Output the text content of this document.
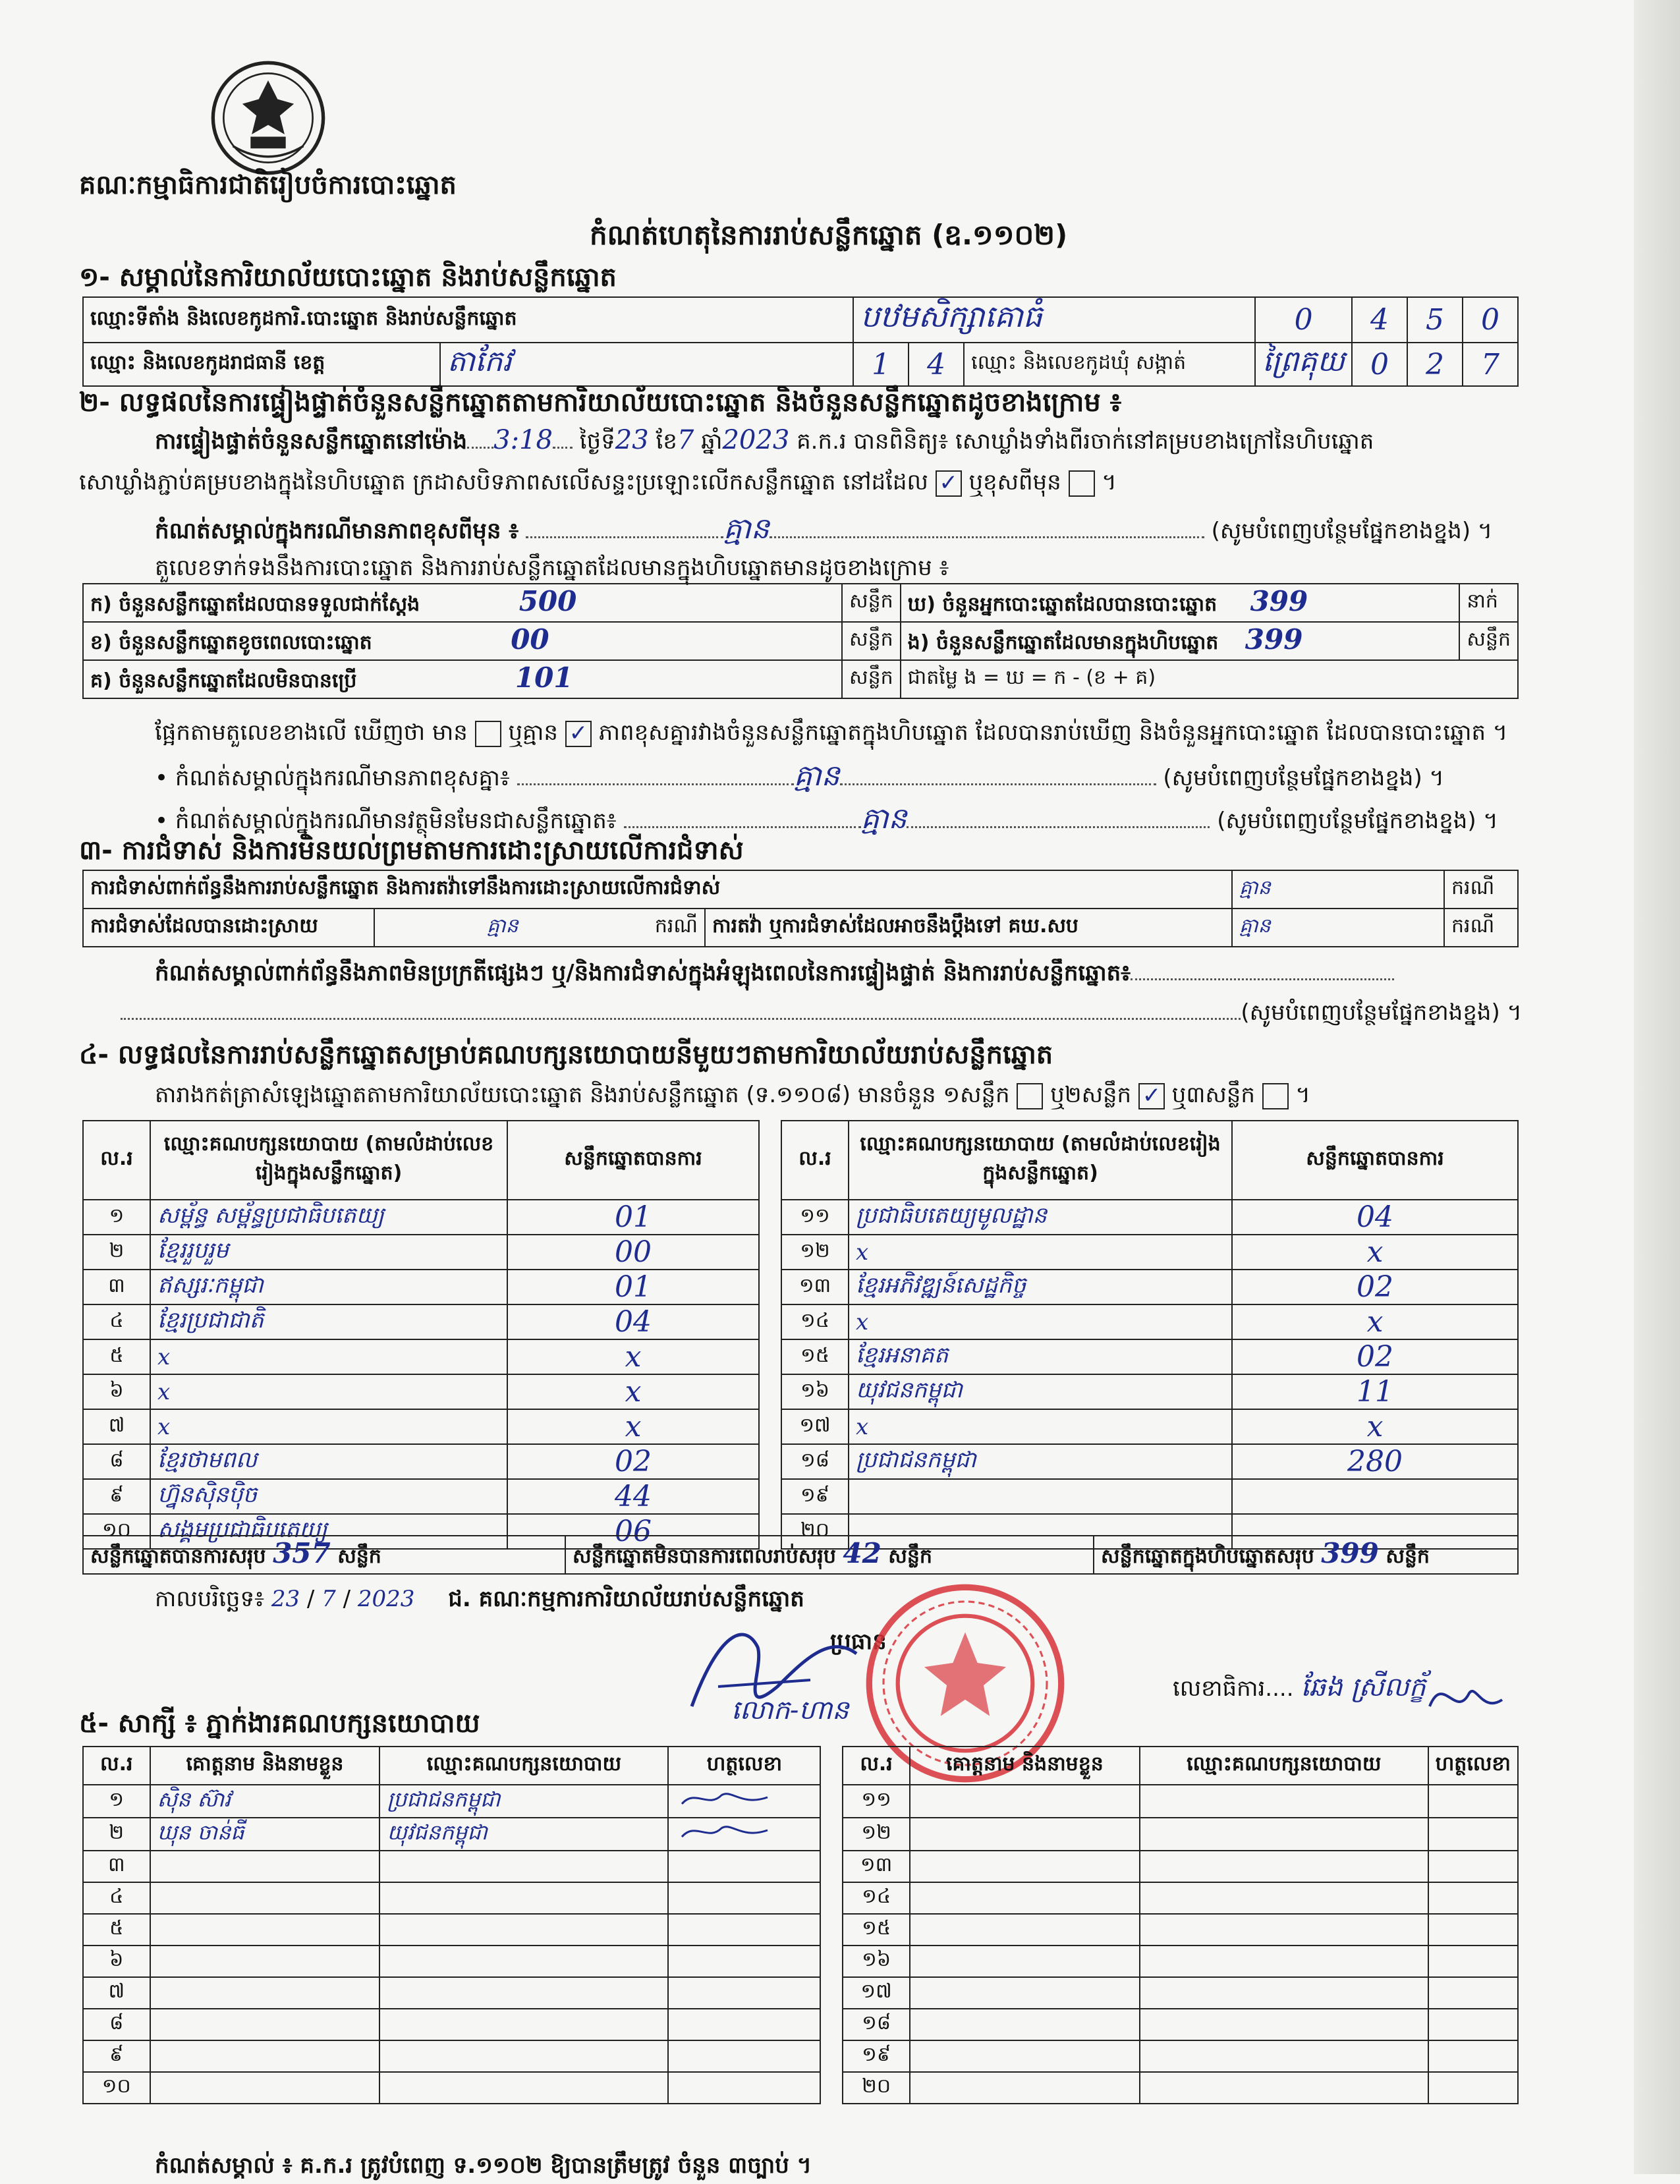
គណៈកម្មាធិការជាតិរៀបចំការបោះឆ្នោត
កំណត់ហេតុនៃការរាប់សន្លឹកឆ្នោត (ឧ.១១០២)
១- សម្គាល់នៃការិយាល័យបោះឆ្នោត និងរាប់សន្លឹកឆ្នោត
ឈ្មោះទីតាំង និងលេខកូដការិ.បោះឆ្នោត និងរាប់សន្លឹកឆ្នោត		បឋមសិក្សាគោធំ			0	4	5	0
ឈ្មោះ និងលេខកូដរាជធានី ខេត្ត	តាកែវ	1	4	ឈ្មោះ និងលេខកូដឃុំ សង្កាត់	ព្រៃគុយ	0	2	7
២- លទ្ធផលនៃការផ្ទៀងផ្ទាត់ចំនួនសន្លឹកឆ្នោតតាមការិយាល័យបោះឆ្នោត និងចំនួនសន្លឹកឆ្នោតដូចខាងក្រោម ៖
ការផ្ទៀងផ្ទាត់ចំនួនសន្លឹកឆ្នោតនៅម៉ោង 3:18 ថ្ងៃទី23 ខែ7 ឆ្នាំ2023 គ.ក.រ បានពិនិត្យ៖ សោឃ្លាំងទាំងពីរចាក់នៅគម្របខាងក្រៅនៃហិបឆ្នោត
សោឃ្លាំងភ្ជាប់គម្របខាងក្នុងនៃហិបឆ្នោត ក្រដាសបិទភាពសលើសន្ទះប្រឡោះលើកសន្លឹកឆ្នោត នៅដដែល ✓ ឬខុសពីមុន  ។
កំណត់សម្គាល់ក្នុងករណីមានភាពខុសពីមុន ៖	គ្មាន	(សូមបំពេញបន្ថែមផ្នែកខាងខ្នង) ។
តួលេខទាក់ទងនឹងការបោះឆ្នោត និងការរាប់សន្លឹកឆ្នោតដែលមានក្នុងហិបឆ្នោតមានដូចខាងក្រោម ៖
ក) ចំនួនសន្លឹកឆ្នោតដែលបានទទួលជាក់ស្តែង 500	សន្លឹក	ឃ) ចំនួនអ្នកបោះឆ្នោតដែលបានបោះឆ្នោត 399	នាក់
ខ) ចំនួនសន្លឹកឆ្នោតខូចពេលបោះឆ្នោត 00	សន្លឹក	ង) ចំនួនសន្លឹកឆ្នោតដែលមានក្នុងហិបឆ្នោត 399	សន្លឹក
គ) ចំនួនសន្លឹកឆ្នោតដែលមិនបានប្រើ 101	សន្លឹក	ជាតម្លៃ ង = ឃ = ក - (ខ + គ)	
ផ្អែកតាមតួលេខខាងលើ ឃើញថា មាន ឬគ្មាន ✓ ភាពខុសគ្នារវាងចំនួនសន្លឹកឆ្នោតក្នុងហិបឆ្នោត ដែលបានរាប់ឃើញ និងចំនួនអ្នកបោះឆ្នោត ដែលបានបោះឆ្នោត ។
• កំណត់សម្គាល់ក្នុងករណីមានភាពខុសគ្នា៖	គ្មាន	(សូមបំពេញបន្ថែមផ្នែកខាងខ្នង) ។
• កំណត់សម្គាល់ក្នុងករណីមានវត្ថុមិនមែនជាសន្លឹកឆ្នោត៖	គ្មាន	(សូមបំពេញបន្ថែមផ្នែកខាងខ្នង) ។
៣- ការជំទាស់ និងការមិនយល់ព្រមតាមការដោះស្រាយលើការជំទាស់
ការជំទាស់ពាក់ព័ន្ធនឹងការរាប់សន្លឹកឆ្នោត និងការតវ៉ាទៅនឹងការដោះស្រាយលើការជំទាស់			គ្មាន	ករណី
ការជំទាស់ដែលបានដោះស្រាយ	គ្មាន ករណី	ការតវ៉ា ឬការជំទាស់ដែលអាចនឹងប្តឹងទៅ គឃ.សប	គ្មាន	ករណី
កំណត់សម្គាល់ពាក់ព័ន្ធនឹងភាពមិនប្រក្រតីផ្សេងៗ ឬ/និងការជំទាស់ក្នុងអំឡុងពេលនៃការផ្ទៀងផ្ទាត់ និងការរាប់សន្លឹកឆ្នោត៖
(សូមបំពេញបន្ថែមផ្នែកខាងខ្នង) ។
៤- លទ្ធផលនៃការរាប់សន្លឹកឆ្នោតសម្រាប់គណបក្សនយោបាយនីមួយៗតាមការិយាល័យរាប់សន្លឹកឆ្នោត
តារាងកត់ត្រាសំឡេងឆ្នោតតាមការិយាល័យបោះឆ្នោត និងរាប់សន្លឹកឆ្នោត (ទ.១១០៨) មានចំនួន ១សន្លឹក ឬ២សន្លឹក ✓ ឬ៣សន្លឹក  ។
ល.រ	ឈ្មោះគណបក្សនយោបាយ (តាមលំដាប់លេខរៀងក្នុងសន្លឹកឆ្នោត)	សន្លឹកឆ្នោតបានការ		ល.រ	ឈ្មោះគណបក្សនយោបាយ (តាមលំដាប់លេខរៀងក្នុងសន្លឹកឆ្នោត)	សន្លឹកឆ្នោតបានការ
១	សម្ព័ន្ធ សម្ព័ន្ធប្រជាធិបតេយ្យ	01		១១	ប្រជាធិបតេយ្យមូលដ្ឋាន	04
២	ខ្មែររួបរួម	00		១២	x	x
៣	ឥស្សរៈកម្ពុជា	01		១៣	ខ្មែរអភិវឌ្ឍន៍សេដ្ឋកិច្ច	02
៤	ខ្មែរប្រជាជាតិ	04		១៤	x	x
៥	x	x		១៥	ខ្មែរអនាគត	02
៦	x	x		១៦	យុវជនកម្ពុជា	11
៧	x	x		១៧	x	x
៨	ខ្មែរថាមពល	02		១៨	ប្រជាជនកម្ពុជា	280
៩	ហ្វ៊ុនស៊ិនប៉ិច	44		១៩		
១០	សង្គមប្រជាធិបតេយ្យ	06		២០		
សន្លឹកឆ្នោតបានការសរុប 357 សន្លឹក	សន្លឹកឆ្នោតមិនបានការពេលរាប់សរុប 42 សន្លឹក	សន្លឹកឆ្នោតក្នុងហិបឆ្នោតសរុប 399 សន្លឹក
កាលបរិច្ឆេទ៖ 23 / 7 / 2023 ជ. គណៈកម្មការការិយាល័យរាប់សន្លឹកឆ្នោត
ប្រធាន
លេខាធិការ.... ឆែង ស្រីលក្ខ័
លោក-ហាន
៥- សាក្សី ៖ ភ្នាក់ងារគណបក្សនយោបាយ
ល.រ	គោត្តនាម និងនាមខ្លួន	ឈ្មោះគណបក្សនយោបាយ	ហត្ថលេខា		ល.រ	គោត្តនាម និងនាមខ្លួន	ឈ្មោះគណបក្សនយោបាយ	ហត្ថលេខា
១	ស៊ិន ស៊ាវ	ប្រជាជនកម្ពុជា			១១			
២	ឃុន ចាន់ធី	យុវជនកម្ពុជា			១២			
៣					១៣			
៤					១៤			
៥					១៥			
៦					១៦			
៧					១៧			
៨					១៨			
៩					១៩			
១០					២០			
កំណត់សម្គាល់ ៖ គ.ក.រ ត្រូវបំពេញ ទ.១១០២ ឱ្យបានត្រឹមត្រូវ ចំនួន ៣ច្បាប់ ។
